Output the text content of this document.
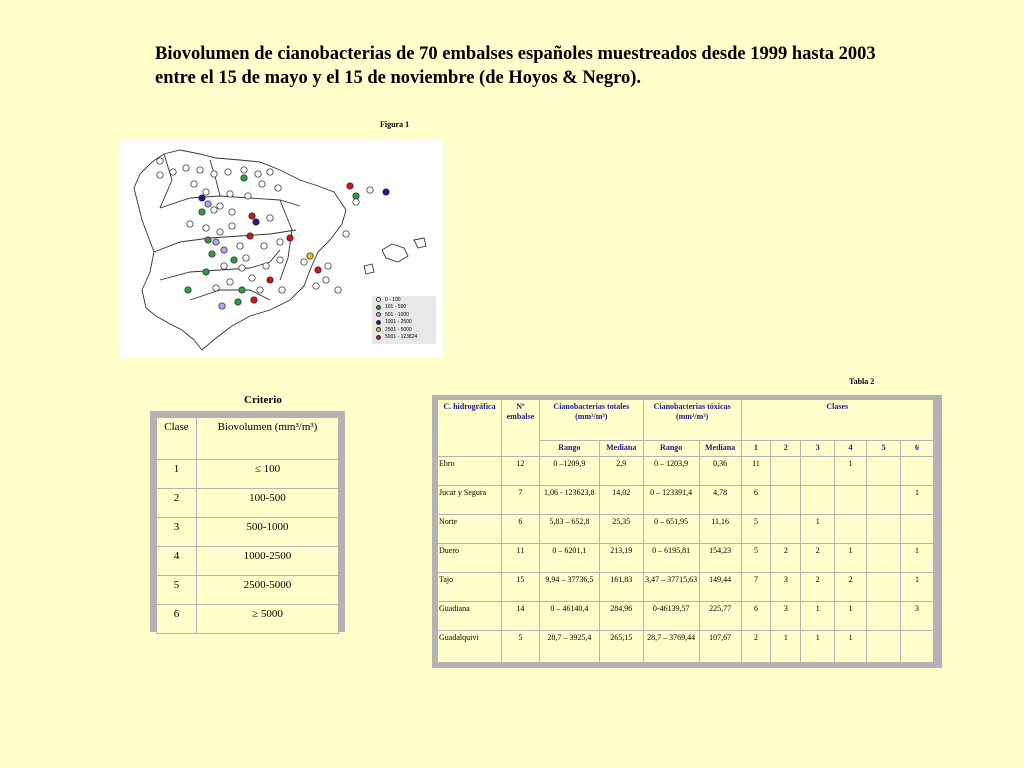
Biovolumen de cianobacterias de 70 embalses españoles muestreados desde 1999 hasta 2003 entre el 15 de mayo y el 15 de noviembre (de Hoyos & Negro).

Figura 1
0 - 100
101 - 500
501 - 1000
1001 - 2500
2501 - 5000
5001 - 123824
Criterio
Clase	Biovolumen (mm³/m³)
1	≤ 100
2	100-500
3	500-1000
4	1000-2500
5	2500-5000
6	≥ 5000
Tabla 2
C. hidrográfica	Nº embalse	Cianobacterias totales (mm³/m³)		Cianobacterias tóxicas (mm³/m³)		Clases					
		Rango	Mediana	Rango	Mediana	1	2	3	4	5	6
Ebro	12	0 –1209,9	2,9	0 – 1203,9	0,36	11			1		
Jucar y Segura	7	1,06 - 123623,8	14,02	0 – 123391,4	4,78	6					1
Norte	6	5,83 – 652,8	25,35	0 – 651,95	11,16	5		1			
Duero	11	0 – 6201,1	213,19	0 – 6195,81	154,23	5	2	2	1		1
Tajo	15	9,94 – 37736,5	161,83	3,47 – 37715,63	149,44	7	3	2	2		1
Guadiana	14	0 – 46140,4	284,96	0-46139,57	225,77	6	3	1	1		3
Guadalquivi	5	28,7 – 3925,4	265,15	28,7 – 3769,44	107,67	2	1	1	1		
